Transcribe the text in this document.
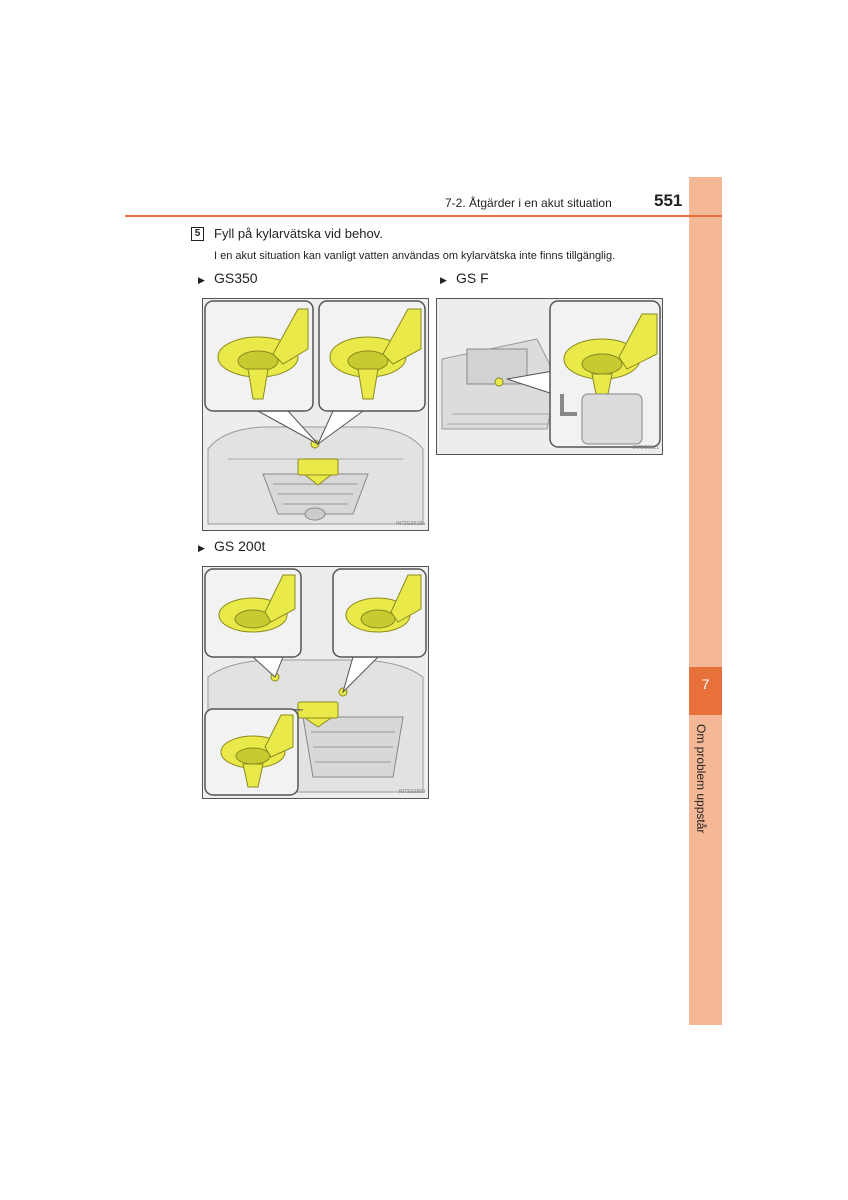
7
Om problem uppstår
7-2. Åtgärder i en akut situation 551
5 Fyll på kylarvätska vid behov.
I en akut situation kan vanligt vatten användas om kylarvätska inte finns tillgänglig.
▶ GS350	▶ GS F
▶ GS 200t
IN72GS518a
IN72GS521
IN72GS569
